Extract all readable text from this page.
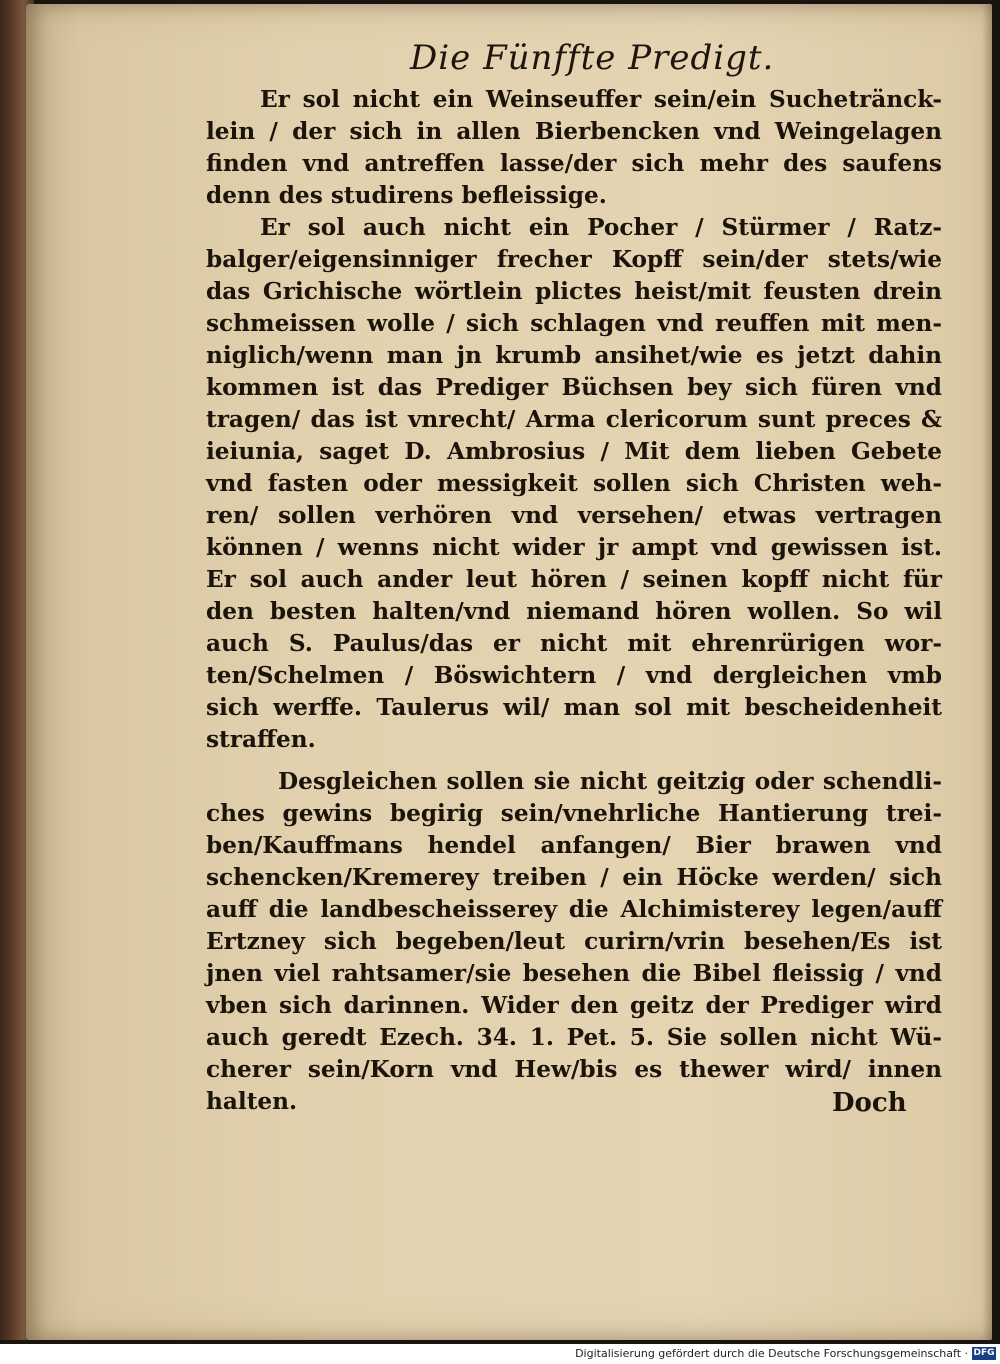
Die Fünffte Predigt.
Er sol nicht ein Weinseuffer sein/ein Suchetränck-
lein / der sich in allen Bierbencken vnd Weingelagen
finden vnd antreffen lasse/der sich mehr des saufens
denn des studirens befleissige.
Er sol auch nicht ein Pocher / Stürmer / Ratz-
balger/eigensinniger frecher Kopff sein/der stets/wie
das Grichische wörtlein plictes heist/mit feusten drein
schmeissen wolle / sich schlagen vnd reuffen mit men-
niglich/wenn man jn krumb ansihet/wie es jetzt dahin
kommen ist das Prediger Büchsen bey sich füren vnd
tragen/ das ist vnrecht/ Arma clericorum sunt preces &
ieiunia, saget D. Ambrosius / Mit dem lieben Gebete
vnd fasten oder messigkeit sollen sich Christen weh-
ren/ sollen verhören vnd versehen/ etwas vertragen
können / wenns nicht wider jr ampt vnd gewissen ist.
Er sol auch ander leut hören / seinen kopff nicht für
den besten halten/vnd niemand hören wollen. So wil
auch S. Paulus/das er nicht mit ehrenrürigen wor-
ten/Schelmen / Böswichtern / vnd dergleichen vmb
sich werffe. Taulerus wil/ man sol mit bescheidenheit
straffen.
Desgleichen sollen sie nicht geitzig oder schendli-
ches gewins begirig sein/vnehrliche Hantierung trei-
ben/Kauffmans hendel anfangen/ Bier brawen vnd
schencken/Kremerey treiben / ein Höcke werden/ sich
auff die landbescheisserey die Alchimisterey legen/auff
Ertzney sich begeben/leut curirn/vrin besehen/Es ist
jnen viel rahtsamer/sie besehen die Bibel fleissig / vnd
vben sich darinnen. Wider den geitz der Prediger wird
auch geredt Ezech. 34. 1. Pet. 5. Sie sollen nicht Wü-
cherer sein/Korn vnd Hew/bis es thewer wird/ innen
halten.	Doch
Digitalisierung gefördert durch die Deutsche Forschungsgemeinschaft · DFG
